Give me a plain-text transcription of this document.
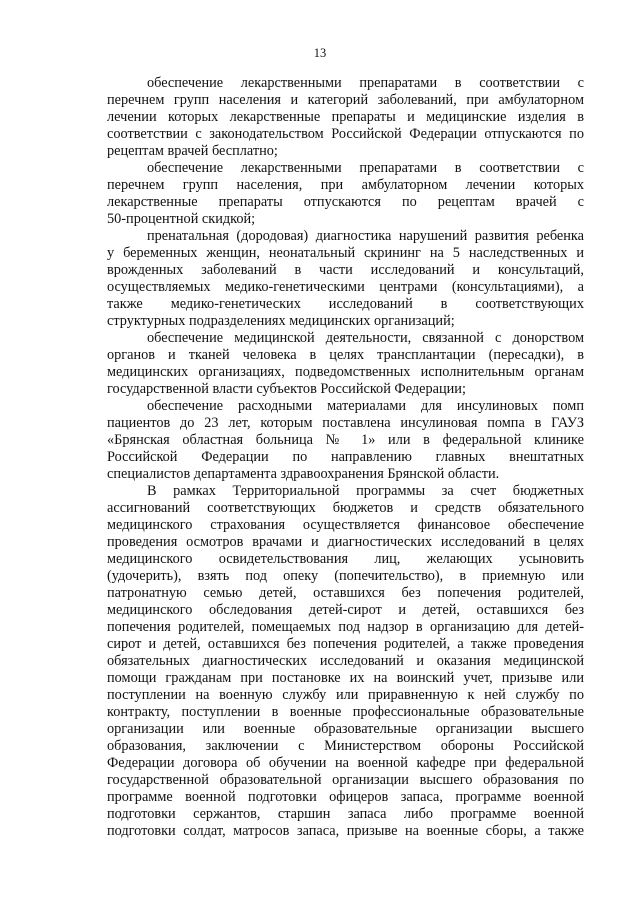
13
обеспечение лекарственными препаратами в соответствии с
перечнем групп населения и категорий заболеваний, при амбулаторном
лечении которых лекарственные препараты и медицинские изделия в
соответствии с законодательством Российской Федерации отпускаются по
рецептам врачей бесплатно;
обеспечение лекарственными препаратами в соответствии с
перечнем групп населения, при амбулаторном лечении которых
лекарственные препараты отпускаются по рецептам врачей с
50-процентной скидкой;
пренатальная (дородовая) диагностика нарушений развития ребенка
у беременных женщин, неонатальный скрининг на 5 наследственных и
врожденных заболеваний в части исследований и консультаций,
осуществляемых медико-генетическими центрами (консультациями), а
также медико-генетических исследований в соответствующих
структурных подразделениях медицинских организаций;
обеспечение медицинской деятельности, связанной с донорством
органов и тканей человека в целях трансплантации (пересадки), в
медицинских организациях, подведомственных исполнительным органам
государственной власти субъектов Российской Федерации;
обеспечение расходными материалами для инсулиновых помп
пациентов до 23 лет, которым поставлена инсулиновая помпа в ГАУЗ
«Брянская областная больница № 1» или в федеральной клинике
Российской Федерации по направлению главных внештатных
специалистов департамента здравоохранения Брянской области.
В рамках Территориальной программы за счет бюджетных
ассигнований соответствующих бюджетов и средств обязательного
медицинского страхования осуществляется финансовое обеспечение
проведения осмотров врачами и диагностических исследований в целях
медицинского освидетельствования лиц, желающих усыновить
(удочерить), взять под опеку (попечительство), в приемную или
патронатную семью детей, оставшихся без попечения родителей,
медицинского обследования детей-сирот и детей, оставшихся без
попечения родителей, помещаемых под надзор в организацию для детей-
сирот и детей, оставшихся без попечения родителей, а также проведения
обязательных диагностических исследований и оказания медицинской
помощи гражданам при постановке их на воинский учет, призыве или
поступлении на военную службу или приравненную к ней службу по
контракту, поступлении в военные профессиональные образовательные
организации или военные образовательные организации высшего
образования, заключении с Министерством обороны Российской
Федерации договора об обучении на военной кафедре при федеральной
государственной образовательной организации высшего образования по
программе военной подготовки офицеров запаса, программе военной
подготовки сержантов, старшин запаса либо программе военной
подготовки солдат, матросов запаса, призыве на военные сборы, а также
